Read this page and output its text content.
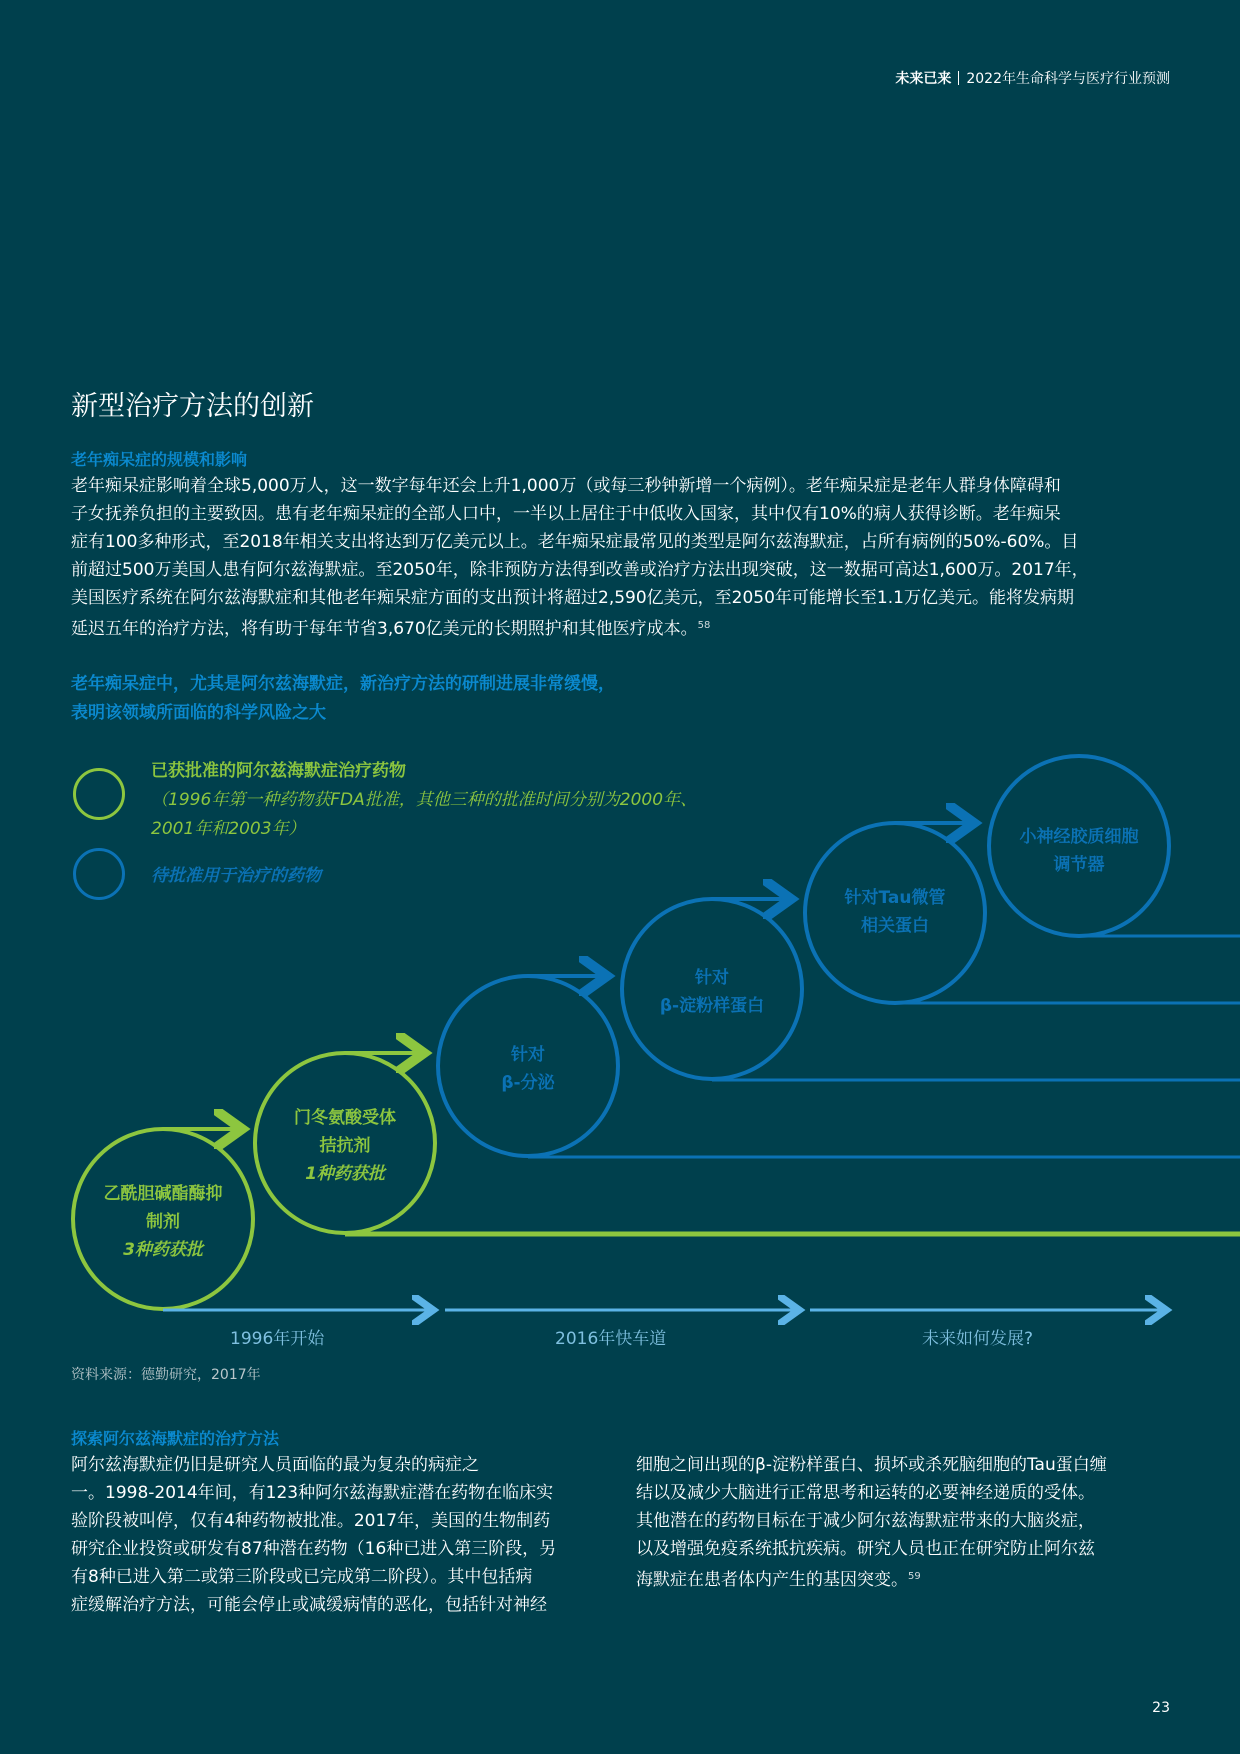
未来已来 2022年生命科学与医疗行业预测
新型治疗方法的创新
老年痴呆症的规模和影响
老年痴呆症影响着全球5,000万人，这一数字每年还会上升1,000万（或每三秒钟新增一个病例）。老年痴呆症是老年人群身体障碍和
子女抚养负担的主要致因。患有老年痴呆症的全部人口中，一半以上居住于中低收入国家，其中仅有10%的病人获得诊断。老年痴呆
症有100多种形式，至2018年相关支出将达到万亿美元以上。老年痴呆症最常见的类型是阿尔兹海默症，占所有病例的50%-60%。目
前超过500万美国人患有阿尔兹海默症。至2050年，除非预防方法得到改善或治疗方法出现突破，这一数据可高达1,600万。2017年，
美国医疗系统在阿尔兹海默症和其他老年痴呆症方面的支出预计将超过2,590亿美元，至2050年可能增长至1.1万亿美元。能将发病期
延迟五年的治疗方法，将有助于每年节省3,670亿美元的长期照护和其他医疗成本。$^{58}$
老年痴呆症中，尤其是阿尔兹海默症，新治疗方法的研制进展非常缓慢，
表明该领域所面临的科学风险之大
已获批准的阿尔兹海默症治疗药物
（1996年第一种药物获FDA批准，其他三种的批准时间分别为2000年、
2001年和2003年）
待批准用于治疗的药物
乙酰胆碱酯酶抑
制剂
3种药获批
门冬氨酸受体
拮抗剂
1种药获批
针对
β-分泌
针对
β-淀粉样蛋白
针对Tau微管
相关蛋白
小神经胶质细胞
调节器
1996年开始	2016年快车道	未来如何发展?

资料来源：德勤研究，2017年

探索阿尔兹海默症的治疗方法
阿尔兹海默症仍旧是研究人员面临的最为复杂的病症之
一。1998-2014年间，有123种阿尔兹海默症潜在药物在临床实
验阶段被叫停，仅有4种药物被批准。2017年，美国的生物制药
研究企业投资或研发有87种潜在药物（16种已进入第三阶段，另
有8种已进入第二或第三阶段或已完成第二阶段）。其中包括病
症缓解治疗方法，可能会停止或减缓病情的恶化，包括针对神经
细胞之间出现的β-淀粉样蛋白、损坏或杀死脑细胞的Tau蛋白缠
结以及减少大脑进行正常思考和运转的必要神经递质的受体。
其他潜在的药物目标在于减少阿尔兹海默症带来的大脑炎症，
以及增强免疫系统抵抗疾病。研究人员也正在研究防止阿尔兹
海默症在患者体内产生的基因突变。$^{59}$
23
